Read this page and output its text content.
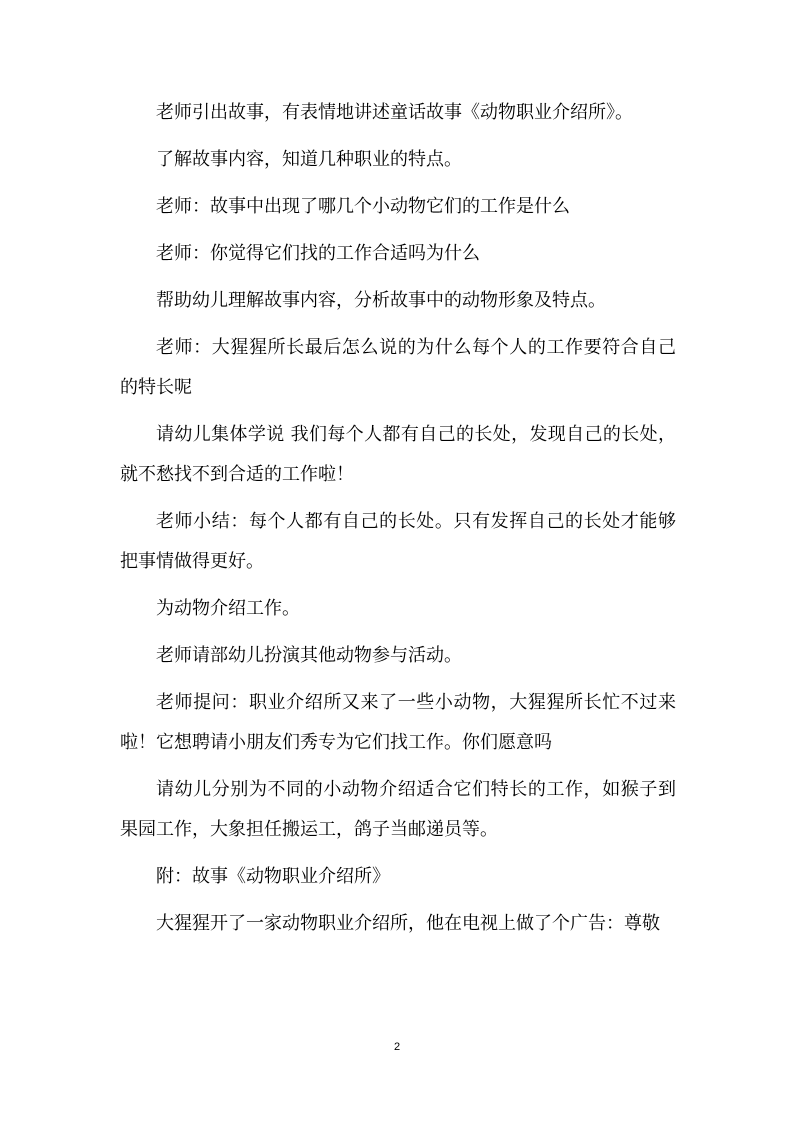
老师引出故事，有表情地讲述童话故事《动物职业介绍所》。

了解故事内容，知道几种职业的特点。

老师：故事中出现了哪几个小动物它们的工作是什么

老师：你觉得它们找的工作合适吗为什么

帮助幼儿理解故事内容，分析故事中的动物形象及特点。

老师：大猩猩所长最后怎么说的为什么每个人的工作要符合自己的特长呢

请幼儿集体学说 我们每个人都有自己的长处，发现自己的长处，就不愁找不到合适的工作啦！

老师小结：每个人都有自己的长处。只有发挥自己的长处才能够把事情做得更好。

为动物介绍工作。

老师请部幼儿扮演其他动物参与活动。

老师提问：职业介绍所又来了一些小动物，大猩猩所长忙不过来啦！它想聘请小朋友们秀专为它们找工作。你们愿意吗

请幼儿分别为不同的小动物介绍适合它们特长的工作，如猴子到果园工作，大象担任搬运工，鸽子当邮递员等。

附：故事《动物职业介绍所》

大猩猩开了一家动物职业介绍所，他在电视上做了个广告：尊敬

2
